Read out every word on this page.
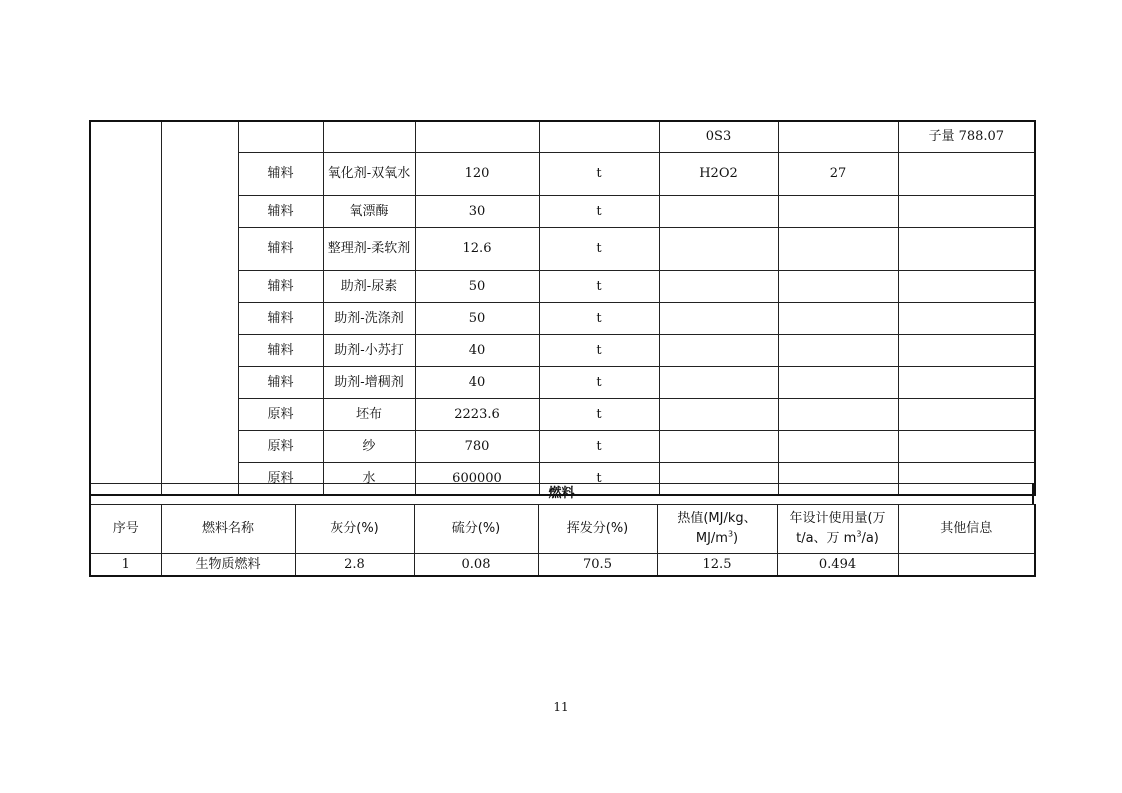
						0S3		子量 788.07
		辅料	氧化剂-双氧水	120	t	H2O2	27	
		辅料	氧漂酶	30	t			
		辅料	整理剂-柔软剂	12.6	t			
		辅料	助剂-尿素	50	t			
		辅料	助剂-洗涤剂	50	t			
		辅料	助剂-小苏打	40	t			
		辅料	助剂-增稠剂	40	t			
		原料	坯布	2223.6	t			
		原料	纱	780	t			
		原料	水	600000	t			
燃料
序号	燃料名称	灰分(%)	硫分(%)	挥发分(%)	热值(MJ/kg、
$MJ/m^3$)	年设计使用量(万
t/a、万 $m^3/a$)	其他信息
1	生物质燃料	2.8	0.08	70.5	12.5	0.494	
11
